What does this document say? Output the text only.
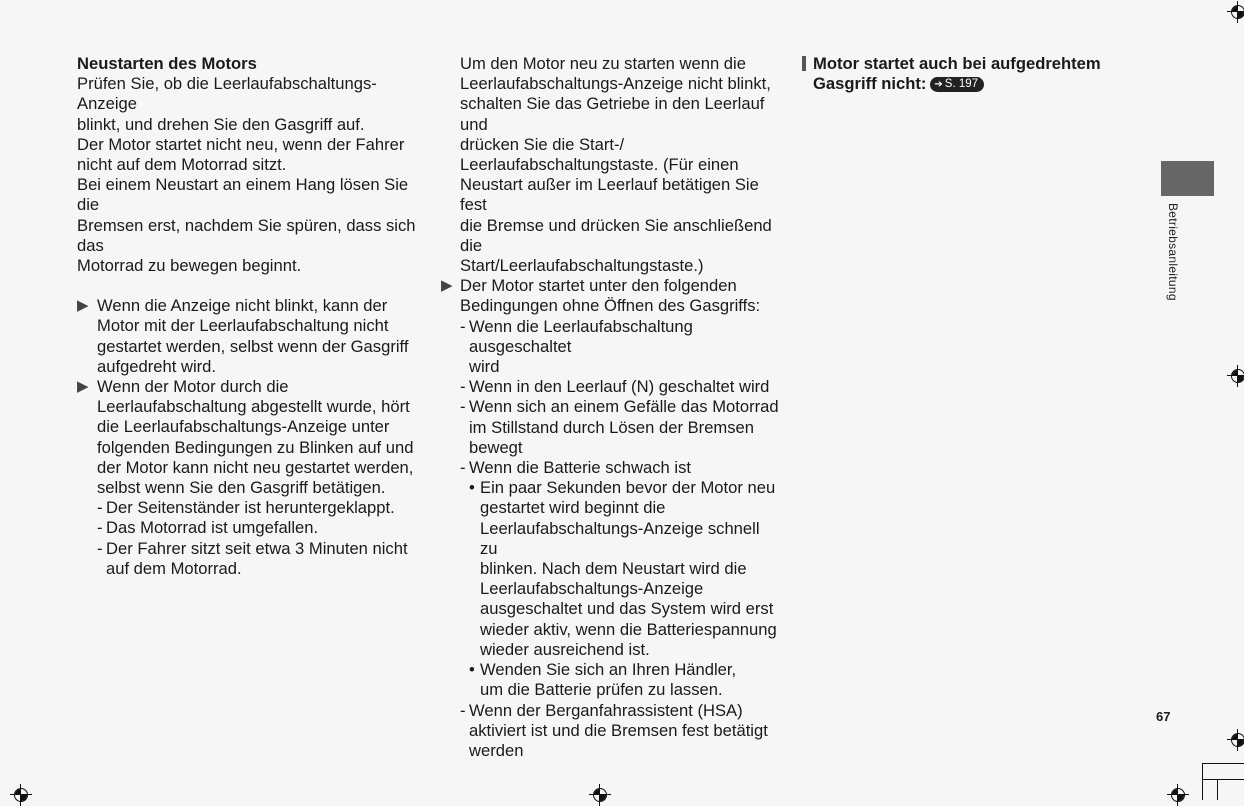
Neustarten des Motors

Prüfen Sie, ob die Leerlaufabschaltungs-Anzeige

blinkt, und drehen Sie den Gasgriff auf.

Der Motor startet nicht neu, wenn der Fahrer

nicht auf dem Motorrad sitzt.

Bei einem Neustart an einem Hang lösen Sie die

Bremsen erst, nachdem Sie spüren, dass sich das

Motorrad zu bewegen beginnt.

▶ Wenn die Anzeige nicht blinkt, kann der

Motor mit der Leerlaufabschaltung nicht

gestartet werden, selbst wenn der Gasgriff

aufgedreht wird.

▶ Wenn der Motor durch die

Leerlaufabschaltung abgestellt wurde, hört

die Leerlaufabschaltungs-Anzeige unter

folgenden Bedingungen zu Blinken auf und

der Motor kann nicht neu gestartet werden,

selbst wenn Sie den Gasgriff betätigen.

- Der Seitenständer ist heruntergeklappt.

- Das Motorrad ist umgefallen.

- Der Fahrer sitzt seit etwa 3 Minuten nicht

auf dem Motorrad.

Um den Motor neu zu starten wenn die

Leerlaufabschaltungs-Anzeige nicht blinkt,

schalten Sie das Getriebe in den Leerlauf und

drücken Sie die Start-/

Leerlaufabschaltungstaste. (Für einen

Neustart außer im Leerlauf betätigen Sie fest

die Bremse und drücken Sie anschließend die

Start/Leerlaufabschaltungstaste.)

▶ Der Motor startet unter den folgenden

Bedingungen ohne Öffnen des Gasgriffs:

- Wenn die Leerlaufabschaltung ausgeschaltet

wird

- Wenn in den Leerlauf (N) geschaltet wird

- Wenn sich an einem Gefälle das Motorrad

im Stillstand durch Lösen der Bremsen

bewegt

- Wenn die Batterie schwach ist

• Ein paar Sekunden bevor der Motor neu

gestartet wird beginnt die

Leerlaufabschaltungs-Anzeige schnell zu

blinken. Nach dem Neustart wird die

Leerlaufabschaltungs-Anzeige

ausgeschaltet und das System wird erst

wieder aktiv, wenn die Batteriespannung

wieder ausreichend ist.

• Wenden Sie sich an Ihren Händler,

um die Batterie prüfen zu lassen.

- Wenn der Berganfahrassistent (HSA)

aktiviert ist und die Bremsen fest betätigt

werden

Motor startet auch bei aufgedrehtem

Gasgriff nicht: ➔ S. 197

Betriebsanleitung
67
